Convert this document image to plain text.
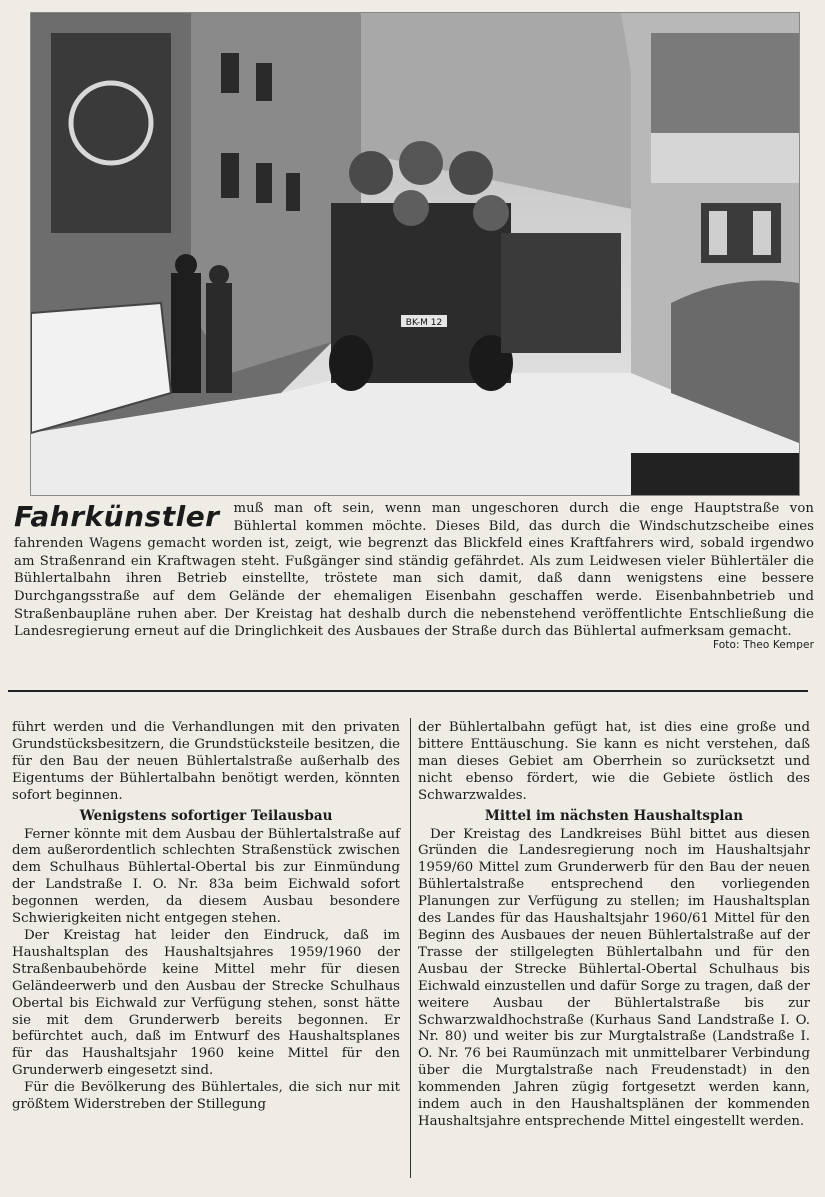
BK-M 12
Fahrkünstler muß man oft sein, wenn man ungeschoren durch die enge Hauptstraße von Bühlertal kommen möchte. Dieses Bild, das durch die Windschutzscheibe eines fahrenden Wagens gemacht worden ist, zeigt, wie begrenzt das Blickfeld eines Kraftfahrers wird, sobald irgendwo am Straßenrand ein Kraftwagen steht. Fußgänger sind ständig gefährdet. Als zum Leidwesen vieler Bühlertäler die Bühlertalbahn ihren Betrieb einstellte, tröstete man sich damit, daß dann wenigstens eine bessere Durchgangsstraße auf dem Gelände der ehemaligen Eisenbahn geschaffen werde. Eisenbahnbetrieb und Straßenbaupläne ruhen aber. Der Kreistag hat deshalb durch die nebenstehend veröffentlichte Entschließung die Landesregierung erneut auf die Dringlichkeit des Ausbaues der Straße durch das Bühlertal aufmerksam gemacht.
Foto: Theo Kemper

führt werden und die Verhandlungen mit den privaten Grundstücksbesitzern, die Grundstücksteile besitzen, die für den Bau der neuen Bühlertalstraße außerhalb des Eigentums der Bühlertalbahn benötigt werden, könnten sofort beginnen.

Wenigstens sofortiger Teilausbau

Ferner könnte mit dem Ausbau der Bühlertalstraße auf dem außerordentlich schlechten Straßenstück zwischen dem Schulhaus Bühlertal-Obertal bis zur Einmündung der Landstraße I. O. Nr. 83a beim Eichwald sofort begonnen werden, da diesem Ausbau besondere Schwierigkeiten nicht entgegen stehen.

Der Kreistag hat leider den Eindruck, daß im Haushaltsplan des Haushaltsjahres 1959/1960 der Straßenbaubehörde keine Mittel mehr für diesen Geländeerwerb und den Ausbau der Strecke Schulhaus Obertal bis Eichwald zur Verfügung stehen, sonst hätte sie mit dem Grunderwerb bereits begonnen. Er befürchtet auch, daß im Entwurf des Haushaltsplanes für das Haushaltsjahr 1960 keine Mittel für den Grunderwerb eingesetzt sind.

Für die Bevölkerung des Bühlertales, die sich nur mit größtem Widerstreben der Stillegung

der Bühlertalbahn gefügt hat, ist dies eine große und bittere Enttäuschung. Sie kann es nicht verstehen, daß man dieses Gebiet am Oberrhein so zurücksetzt und nicht ebenso fördert, wie die Gebiete östlich des Schwarzwaldes.

Mittel im nächsten Haushaltsplan

Der Kreistag des Landkreises Bühl bittet aus diesen Gründen die Landesregierung noch im Haushaltsjahr 1959/60 Mittel zum Grunderwerb für den Bau der neuen Bühlertalstraße entsprechend den vorliegenden Planungen zur Verfügung zu stellen; im Haushaltsplan des Landes für das Haushaltsjahr 1960/61 Mittel für den Beginn des Ausbaues der neuen Bühlertalstraße auf der Trasse der stillgelegten Bühlertalbahn und für den Ausbau der Strecke Bühlertal-Obertal Schulhaus bis Eichwald einzustellen und dafür Sorge zu tragen, daß der weitere Ausbau der Bühlertalstraße bis zur Schwarzwaldhochstraße (Kurhaus Sand Landstraße I. O. Nr. 80) und weiter bis zur Murgtalstraße (Landstraße I. O. Nr. 76 bei Raumünzach mit unmittelbarer Verbindung über die Murgtalstraße nach Freudenstadt) in den kommenden Jahren zügig fortgesetzt werden kann, indem auch in den Haushaltsplänen der kommenden Haushaltsjahre entsprechende Mittel eingestellt werden.
